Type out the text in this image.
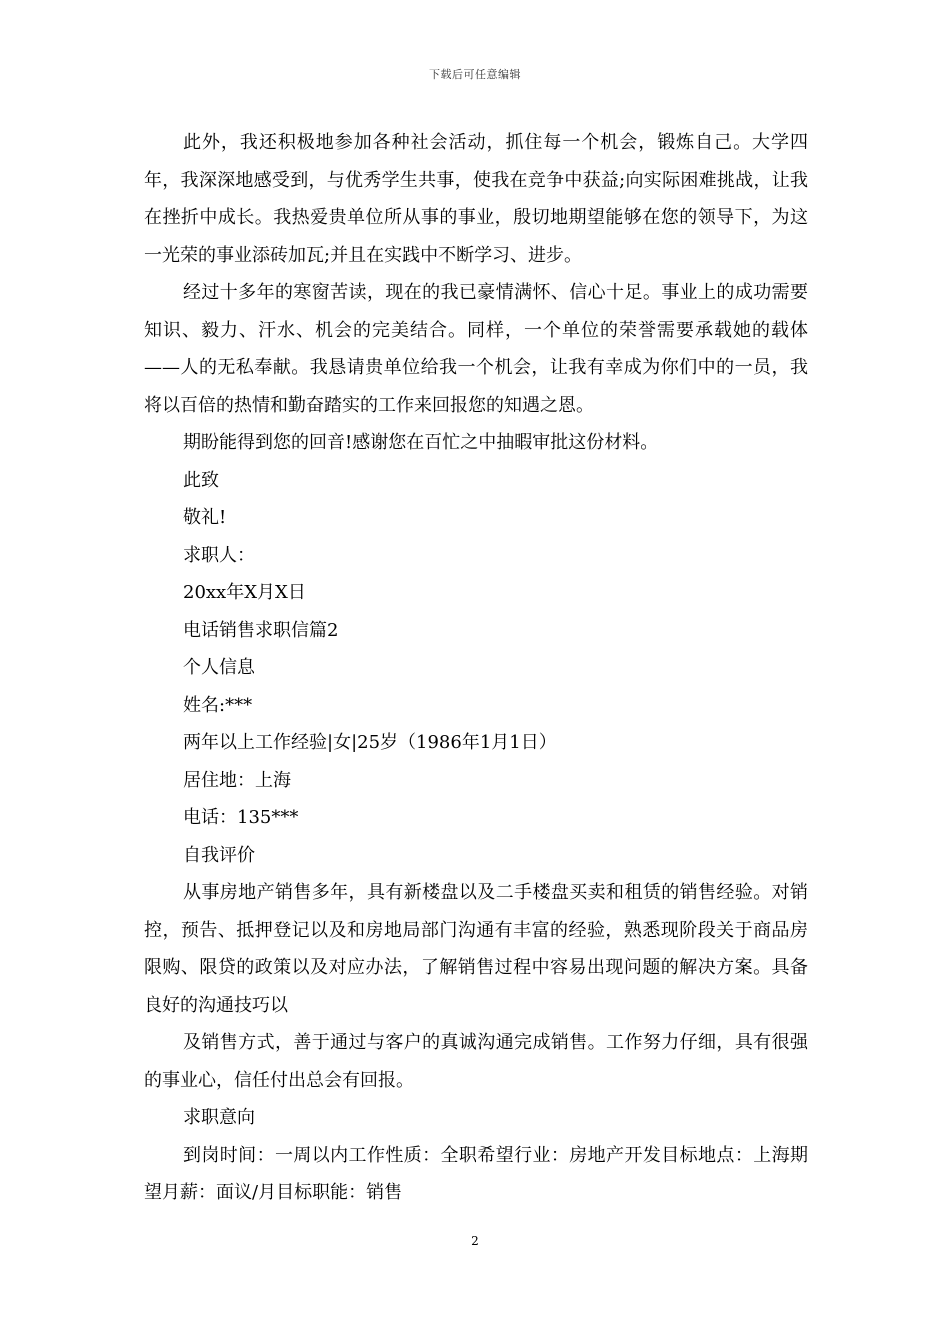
下载后可任意编辑

此外，我还积极地参加各种社会活动，抓住每一个机会，锻炼自己。大学四年，我深深地感受到，与优秀学生共事，使我在竞争中获益;向实际困难挑战，让我在挫折中成长。我热爱贵单位所从事的事业，殷切地期望能够在您的领导下，为这一光荣的事业添砖加瓦;并且在实践中不断学习、进步。

经过十多年的寒窗苦读，现在的我已豪情满怀、信心十足。事业上的成功需要知识、毅力、汗水、机会的完美结合。同样，一个单位的荣誉需要承载她的载体——人的无私奉献。我恳请贵单位给我一个机会，让我有幸成为你们中的一员，我将以百倍的热情和勤奋踏实的工作来回报您的知遇之恩。

期盼能得到您的回音!感谢您在百忙之中抽暇审批这份材料。

此致

敬礼!

求职人：

20xx年X月X日

电话销售求职信篇2

个人信息

姓名:***

两年以上工作经验|女|25岁（1986年1月1日）

居住地：上海

电话：135***

自我评价

从事房地产销售多年，具有新楼盘以及二手楼盘买卖和租赁的销售经验。对销控，预告、抵押登记以及和房地局部门沟通有丰富的经验，熟悉现阶段关于商品房限购、限贷的政策以及对应办法，了解销售过程中容易出现问题的解决方案。具备良好的沟通技巧以

及销售方式，善于通过与客户的真诚沟通完成销售。工作努力仔细，具有很强的事业心，信任付出总会有回报。

求职意向

到岗时间：一周以内工作性质：全职希望行业：房地产开发目标地点：上海期望月薪：面议/月目标职能：销售

2
